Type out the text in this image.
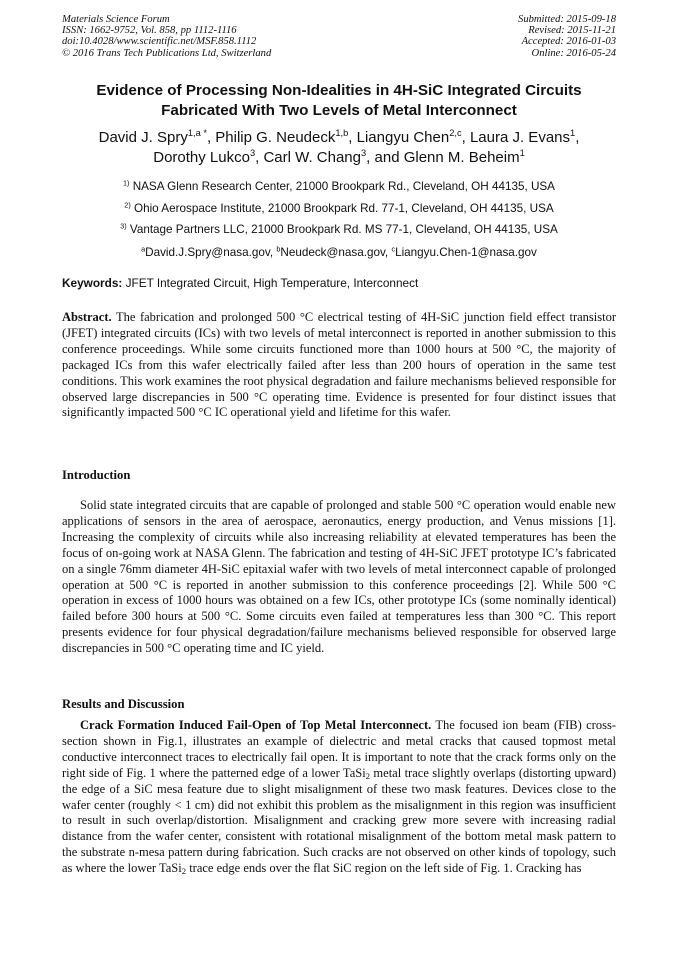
Materials Science Forum
ISSN: 1662-9752, Vol. 858, pp 1112-1116
doi:10.4028/www.scientific.net/MSF.858.1112
© 2016 Trans Tech Publications Ltd, Switzerland
Submitted: 2015-09-18
Revised: 2015-11-21
Accepted: 2016-01-03
Online: 2016-05-24
Evidence of Processing Non-Idealities in 4H-SiC Integrated Circuits
Fabricated With Two Levels of Metal Interconnect
David J. Spry$^{1,a *}$, Philip G. Neudeck$^{1,b}$, Liangyu Chen$^{2,c}$, Laura J. Evans$^1$,
Dorothy Lukco$^3$, Carl W. Chang$^3$, and Glenn M. Beheim$^1$
$^{1)}$ NASA Glenn Research Center, 21000 Brookpark Rd., Cleveland, OH 44135, USA
$^{2)}$ Ohio Aerospace Institute, 21000 Brookpark Rd. 77-1, Cleveland, OH 44135, USA
$^{3)}$ Vantage Partners LLC, 21000 Brookpark Rd. MS 77-1, Cleveland, OH 44135, USA
$^a$David.J.Spry@nasa.gov, $^b$Neudeck@nasa.gov, $^c$Liangyu.Chen-1@nasa.gov
Keywords: JFET Integrated Circuit, High Temperature, Interconnect
Abstract. The fabrication and prolonged 500 °C electrical testing of 4H-SiC junction field effect transistor (JFET) integrated circuits (ICs) with two levels of metal interconnect is reported in another submission to this conference proceedings. While some circuits functioned more than 1000 hours at 500 °C, the majority of packaged ICs from this wafer electrically failed after less than 200 hours of operation in the same test conditions. This work examines the root physical degradation and failure mechanisms believed responsible for observed large discrepancies in 500 °C operating time. Evidence is presented for four distinct issues that significantly impacted 500 °C IC operational yield and lifetime for this wafer.
Introduction
Solid state integrated circuits that are capable of prolonged and stable 500 °C operation would enable new applications of sensors in the area of aerospace, aeronautics, energy production, and Venus missions [1]. Increasing the complexity of circuits while also increasing reliability at elevated temperatures has been the focus of on-going work at NASA Glenn. The fabrication and testing of 4H-SiC JFET prototype IC’s fabricated on a single 76mm diameter 4H-SiC epitaxial wafer with two levels of metal interconnect capable of prolonged operation at 500 °C is reported in another submission to this conference proceedings [2]. While 500 °C operation in excess of 1000 hours was obtained on a few ICs, other prototype ICs (some nominally identical) failed before 300 hours at 500 °C. Some circuits even failed at temperatures less than 300 °C. This report presents evidence for four physical degradation/failure mechanisms believed responsible for observed large discrepancies in 500 °C operating time and IC yield.
Results and Discussion
Crack Formation Induced Fail-Open of Top Metal Interconnect. The focused ion beam (FIB) cross-section shown in Fig.1, illustrates an example of dielectric and metal cracks that caused topmost metal conductive interconnect traces to electrically fail open. It is important to note that the crack forms only on the right side of Fig. 1 where the patterned edge of a lower TaSi$_2$ metal trace slightly overlaps (distorting upward) the edge of a SiC mesa feature due to slight misalignment of these two mask features. Devices close to the wafer center (roughly < 1 cm) did not exhibit this problem as the misalignment in this region was insufficient to result in such overlap/distortion. Misalignment and cracking grew more severe with increasing radial distance from the wafer center, consistent with rotational misalignment of the bottom metal mask pattern to the substrate n-mesa pattern during fabrication. Such cracks are not observed on other kinds of topology, such as where the lower TaSi$_2$ trace edge ends over the flat SiC region on the left side of Fig. 1. Cracking has
